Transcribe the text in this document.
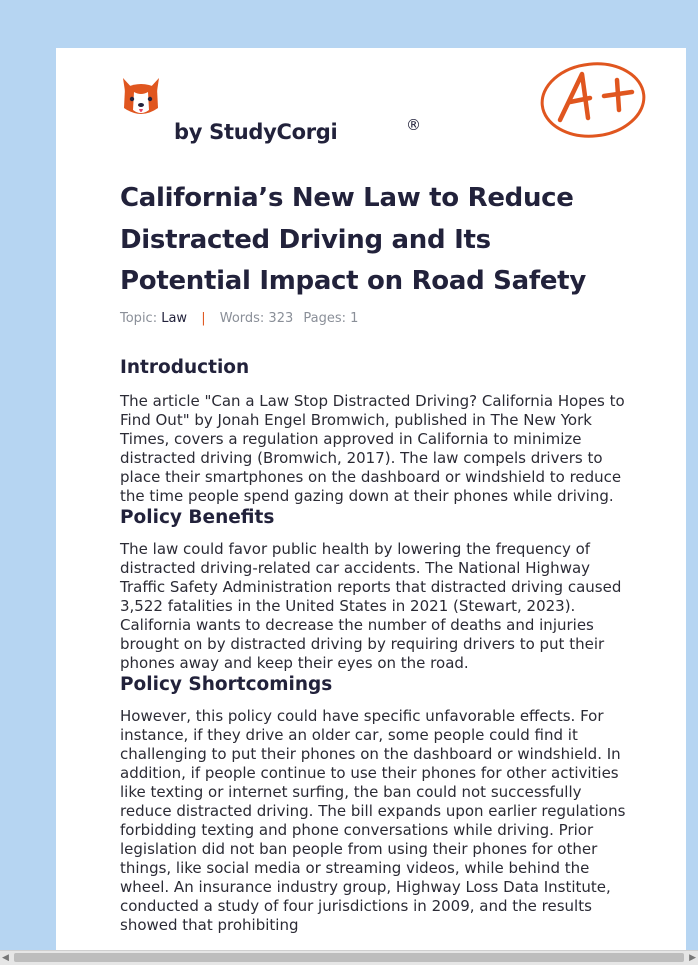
by StudyCorgi	®
A+
California’s New Law to Reduce Distracted Driving and Its Potential Impact on Road Safety
Topic: Law | Words: 323 Pages: 1
Introduction

The article "Can a Law Stop Distracted Driving? California Hopes to Find Out" by Jonah Engel Bromwich, published in The New York Times, covers a regulation approved in California to minimize distracted driving (Bromwich, 2017). The law compels drivers to place their smartphones on the dashboard or windshield to reduce the time people spend gazing down at their phones while driving.

Policy Benefits

The law could favor public health by lowering the frequency of distracted driving-related car accidents. The National Highway Traffic Safety Administration reports that distracted driving caused 3,522 fatalities in the United States in 2021 (Stewart, 2023). California wants to decrease the number of deaths and injuries brought on by distracted driving by requiring drivers to put their phones away and keep their eyes on the road.

Policy Shortcomings

However, this policy could have specific unfavorable effects. For instance, if they drive an older car, some people could find it challenging to put their phones on the dashboard or windshield. In addition, if people continue to use their phones for other activities like texting or internet surfing, the ban could not successfully reduce distracted driving. The bill expands upon earlier regulations forbidding texting and phone conversations while driving. Prior legislation did not ban people from using their phones for other things, like social media or streaming videos, while behind the wheel. An insurance industry group, Highway Loss Data Institute, conducted a study of four jurisdictions in 2009, and the results showed that prohibiting

◀	▶
